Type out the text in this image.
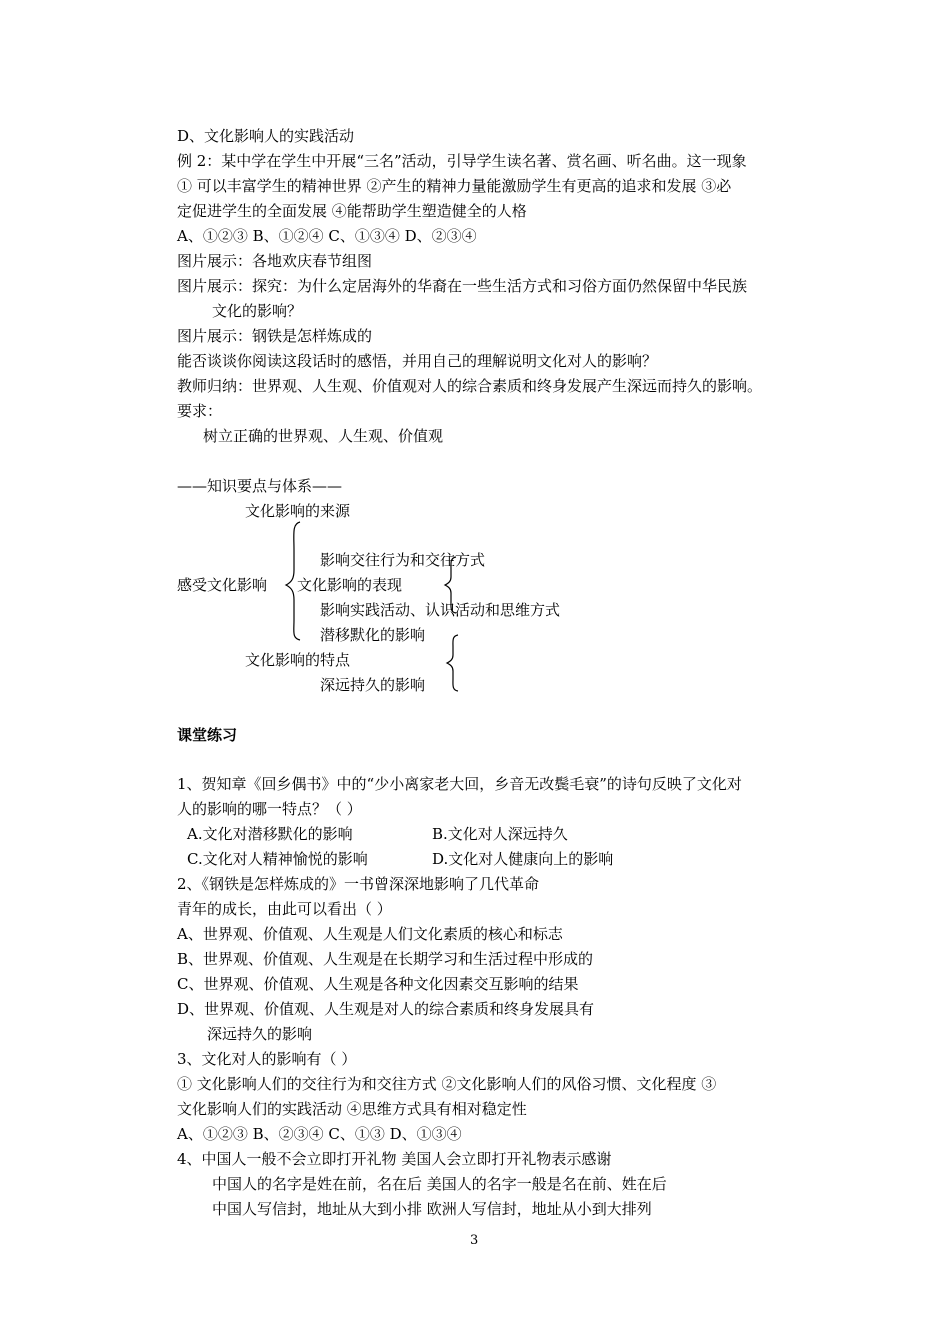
D、文化影响人的实践活动
例 2：某中学在学生中开展“三名”活动，引导学生读名著、赏名画、听名曲。这一现象
① 可以丰富学生的精神世界 ②产生的精神力量能激励学生有更高的追求和发展 ③必
定促进学生的全面发展 ④能帮助学生塑造健全的人格
A、①②③ B、①②④ C、①③④ D、②③④
图片展示：各地欢庆春节组图
图片展示：探究：为什么定居海外的华裔在一些生活方式和习俗方面仍然保留中华民族
文化的影响？
图片展示：钢铁是怎样炼成的
能否谈谈你阅读这段话时的感悟，并用自己的理解说明文化对人的影响？
教师归纳：世界观、人生观、价值观对人的综合素质和终身发展产生深远而持久的影响。
要求：
树立正确的世界观、人生观、价值观
——知识要点与体系——
文化影响的来源
影响交往行为和交往方式
感受文化影响 文化影响的表现
影响实践活动、认识活动和思维方式
潜移默化的影响
文化影响的特点
深远持久的影响
课堂练习
1、贺知章《回乡偶书》中的“少小离家老大回，乡音无改鬓毛衰”的诗句反映了文化对
人的影响的哪一特点？（ ）
A.文化对潜移默化的影响	B.文化对人深远持久
C.文化对人精神愉悦的影响	D.文化对人健康向上的影响
2、《钢铁是怎样炼成的》一书曾深深地影响了几代革命
青年的成长，由此可以看出（ ）
A、世界观、价值观、人生观是人们文化素质的核心和标志
B、世界观、价值观、人生观是在长期学习和生活过程中形成的
C、世界观、价值观、人生观是各种文化因素交互影响的结果
D、世界观、价值观、人生观是对人的综合素质和终身发展具有
深远持久的影响
3、文化对人的影响有（ ）
① 文化影响人们的交往行为和交往方式 ②文化影响人们的风俗习惯、文化程度 ③
文化影响人们的实践活动 ④思维方式具有相对稳定性
A、①②③ B、②③④ C、①③ D、①③④
4、中国人一般不会立即打开礼物 美国人会立即打开礼物表示感谢
中国人的名字是姓在前，名在后 美国人的名字一般是名在前、姓在后
中国人写信封，地址从大到小排 欧洲人写信封，地址从小到大排列
3
